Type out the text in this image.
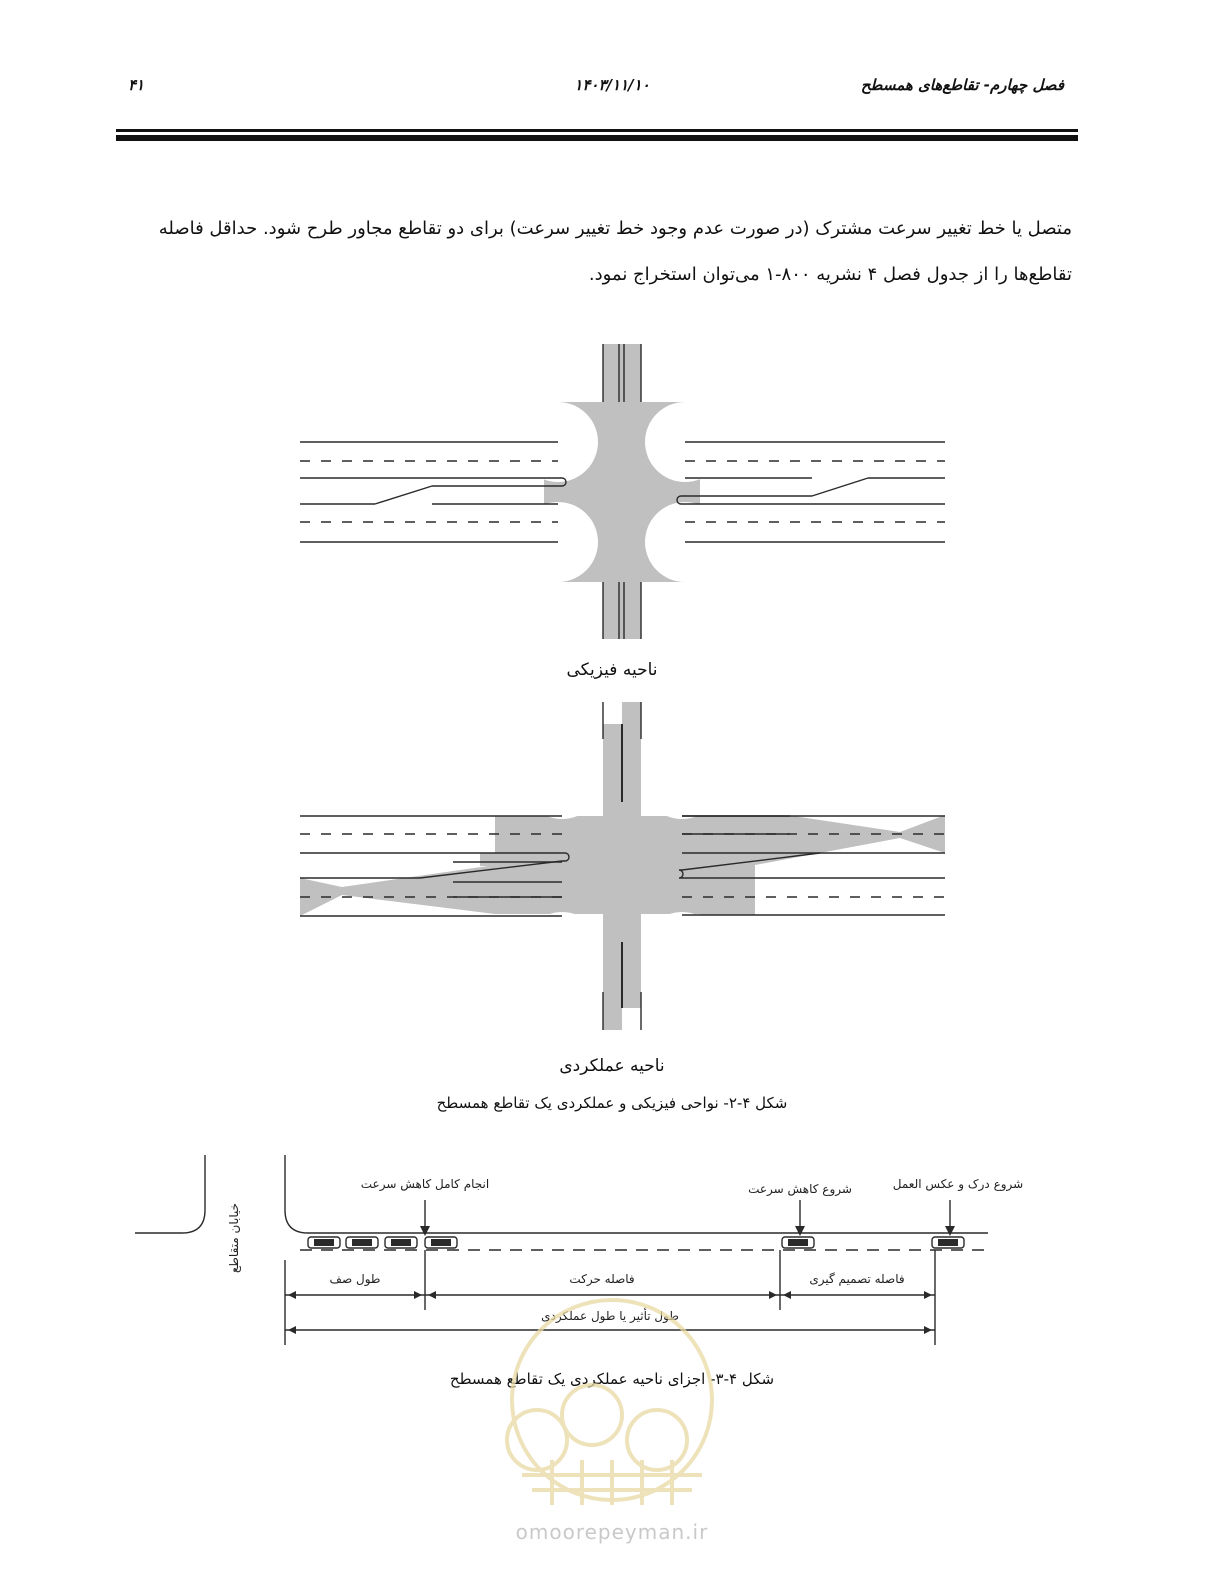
۴۱	۱۴۰۳/۱۱/۱۰	فصل چهارم- تقاطع‌های همسطح
متصل یا خط تغییر سرعت مشترک (در صورت عدم وجود خط تغییر سرعت) برای دو تقاطع مجاور طرح شود. حداقل فاصله
تقاطع‌ها را از جدول فصل ۴ نشریه ۸۰۰-۱ می‌توان استخراج نمود.
ناحیه فیزیکی
ناحیه عملکردی
شکل ۴-۲- نواحی فیزیکی و عملکردی یک تقاطع همسطح
خیابان متقاطع
انجام کامل کاهش سرعت	شروع کاهش سرعت	شروع درک و عکس العمل
طول صف	فاصله حرکت	فاصله تصمیم گیری
طول تأثیر یا طول عملکردی
شکل ۴-۳- اجزای ناحیه عملکردی یک تقاطع همسطح
omoorepeyman.ir
